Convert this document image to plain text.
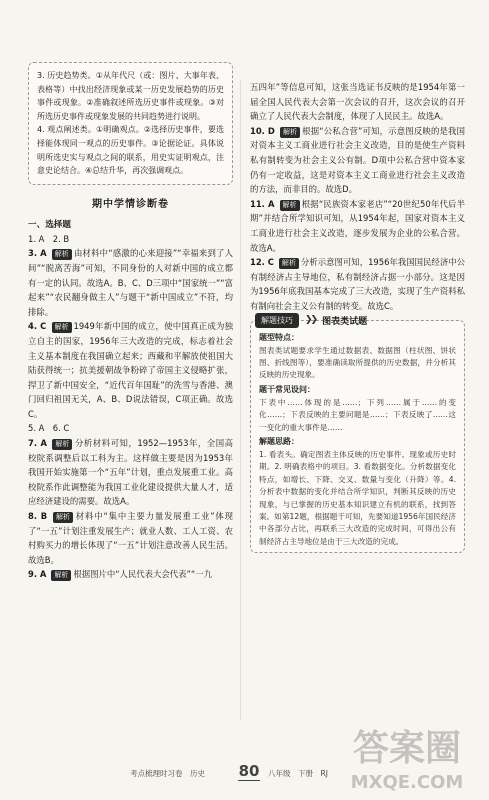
3. 历史趋势类。①从年代尺（或：图片、大事年表、表格等）中找出经济现象或某一历史发展趋势的历史事件或现象。②准确叙述所选历史事件或现象。③对所选历史事件或现象发展的共同趋势进行说明。

4. 观点阐述类。①明确观点。②选择历史事件，要选择能体现同一观点的历史事件。③论据论证。具体说明所选史实与观点之间的联系，用史实证明观点，注意史论结合。④总结升华，再次强调观点。

期中学情诊断卷
一、选择题

1. A　2. B

3. A 解析 由材料中“感激的心来迎接”“幸福来到了人间”“脱离苦海”可知，不同身份的人对新中国的成立都有一定的认同。故选A。B、C、D三项中“国家统一”“富起来”“农民翻身做主人”与题干“新中国成立”不符，均排除。

4. C 解析 1949年新中国的成立，使中国真正成为独立自主的国家，1956年三大改造的完成，标志着社会主义基本制度在我国确立起来；西藏和平解放使祖国大陆获得统一；抗美援朝战争粉碎了帝国主义侵略扩张，捍卫了新中国安全，“近代百年国耻”的洗雪与香港、澳门回归祖国无关，A、B、D说法错误，C项正确。故选C。

5. A　6. C

7. A 解析 分析材料可知，1952—1953年，全国高校院系调整后以工科为主。这样做主要是因为1953年我国开始实施第一个“五年”计划，重点发展重工业。高校院系作此调整能为我国工业化建设提供大量人才，适应经济建设的需要。故选A。

8. B 解析 材料中“集中主要力量发展重工业”体现了“一五”计划注重发展生产；就业人数、工人工资、农村购买力的增长体现了“一五”计划注意改善人民生活。故选B。

9. A 解析 根据图片中“人民代表大会代表”“一九

五四年”等信息可知，这张当选证书反映的是1954年第一届全国人民代表大会第一次会议的召开，这次会议的召开确立了人民代表大会制度，体现了人民民主。故选A。

10. D 解析 根据“公私合营”可知，示意图反映的是我国对资本主义工商业进行社会主义改造，目的是使生产资料私有制转变为社会主义公有制。D项中公私合营中资本家仍有一定收益，这是对资本主义工商业进行社会主义改造的方法，而非目的。故选D。

11. A 解析 根据“民族资本家老店”“20世纪50年代后半期”并结合所学知识可知，从1954年起，国家对资本主义工商业进行社会主义改造，逐步发展为企业的公私合营。故选A。

12. C 解析 分析示意图可知，1956年我国国民经济中公有制经济占主导地位，私有制经济占据一小部分。这是因为1956年底我国基本完成了三大改造，实现了生产资料私有制向社会主义公有制的转变。故选C。

解题技巧	❯❯ 图表类试题
题型特点：

图表类试题要求学生通过数据表、数据图（柱状图、饼状图、折线图等），要准确读取所提供的历史数据，并分析其反映的历史现象。

题干常见设问：

下表中……体现的是……；下列……属于……的变化……；下表反映的主要问题是……；下表反映了……这一变化的重大事件是……

解题思路：

1. 看表头。确定图表主体反映的历史事件、现象或历史时期。2. 明确表格中的项目。3. 看数据变化。分析数据变化特点，如增长、下降、交叉、数量与变化（升降）等。4. 分析表中数据的变化并结合所学知识，判断其反映的历史现象，与已掌握的历史基本知识建立有机的联系，找到答案。如第12题，根据题干可知，先要知道1956年国民经济中各部分占比，再联系三大改造的完成时间，可得出公有制经济占主导地位是由于三大改造的完成。

考点梳理时习卷　历史 80 八年级　下册　RJ
答案圈
MXQE.COM
